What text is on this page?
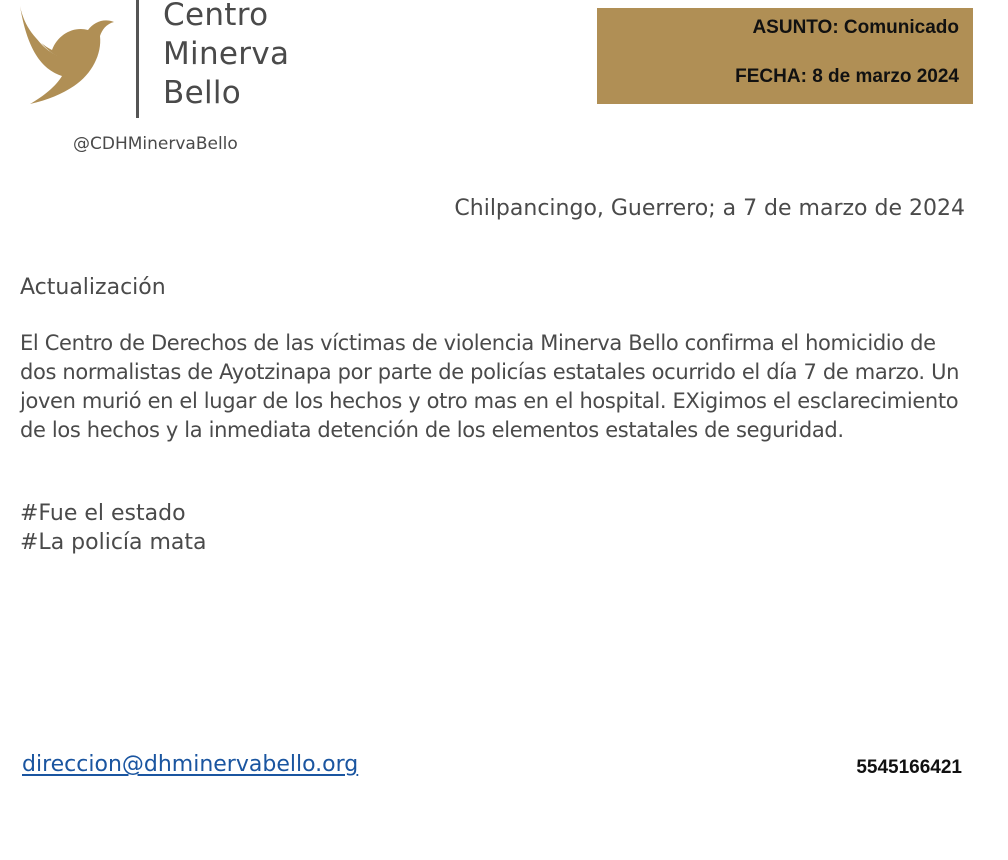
Centro
Minerva
Bello
@CDHMinervaBello
ASUNTO: Comunicado
FECHA: 8 de marzo 2024
Chilpancingo, Guerrero; a 7 de marzo de 2024
Actualización

El Centro de Derechos de las víctimas de violencia Minerva Bello confirma el homicidio de dos normalistas de Ayotzinapa por parte de policías estatales ocurrido el día 7 de marzo. Un joven murió en el lugar de los hechos y otro mas en el hospital. EXigimos el esclarecimiento de los hechos y la inmediata detención de los elementos estatales de seguridad.

#Fue el estado
#La policía mata
direccion@dhminervabello.org	5545166421
